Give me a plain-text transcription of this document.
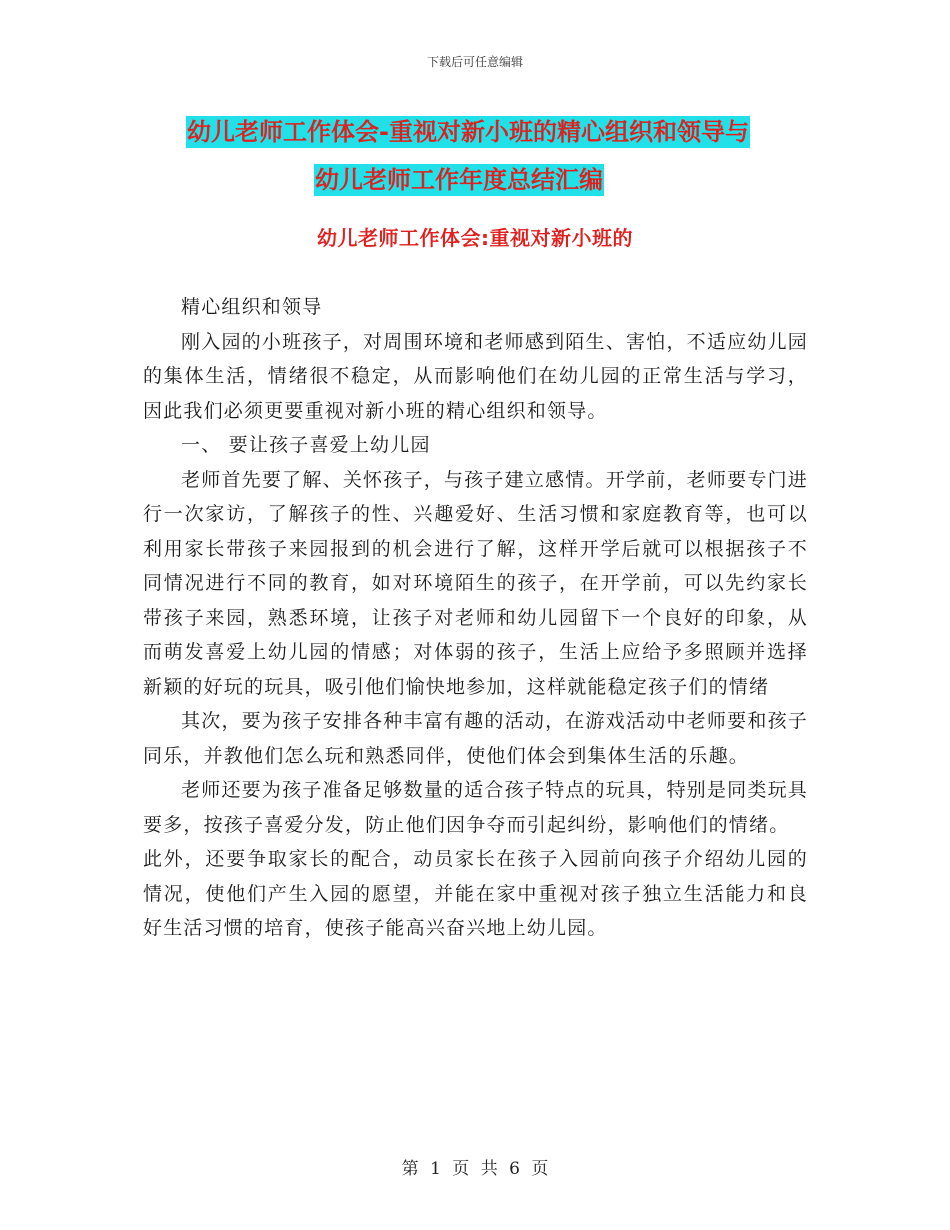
下载后可任意编辑
幼儿老师工作体会-重视对新小班的精心组织和领导与
幼儿老师工作年度总结汇编
幼儿老师工作体会:重视对新小班的

精心组织和领导

刚入园的小班孩子，对周围环境和老师感到陌生、害怕，不适应幼儿园的集体生活，情绪很不稳定，从而影响他们在幼儿园的正常生活与学习，因此我们必须更要重视对新小班的精心组织和领导。

一、 要让孩子喜爱上幼儿园

老师首先要了解、关怀孩子，与孩子建立感情。开学前，老师要专门进行一次家访，了解孩子的性、兴趣爱好、生活习惯和家庭教育等，也可以利用家长带孩子来园报到的机会进行了解，这样开学后就可以根据孩子不同情况进行不同的教育，如对环境陌生的孩子，在开学前，可以先约家长带孩子来园，熟悉环境，让孩子对老师和幼儿园留下一个良好的印象，从而萌发喜爱上幼儿园的情感；对体弱的孩子，生活上应给予多照顾并选择新颖的好玩的玩具，吸引他们愉快地参加，这样就能稳定孩子们的情绪

其次，要为孩子安排各种丰富有趣的活动，在游戏活动中老师要和孩子同乐，并教他们怎么玩和熟悉同伴，使他们体会到集体生活的乐趣。

老师还要为孩子准备足够数量的适合孩子特点的玩具，特别是同类玩具要多，按孩子喜爱分发，防止他们因争夺而引起纠纷，影响他们的情绪。

此外，还要争取家长的配合，动员家长在孩子入园前向孩子介绍幼儿园的情况，使他们产生入园的愿望，并能在家中重视对孩子独立生活能力和良好生活习惯的培育，使孩子能高兴奋兴地上幼儿园。

第 1 页 共 6 页
